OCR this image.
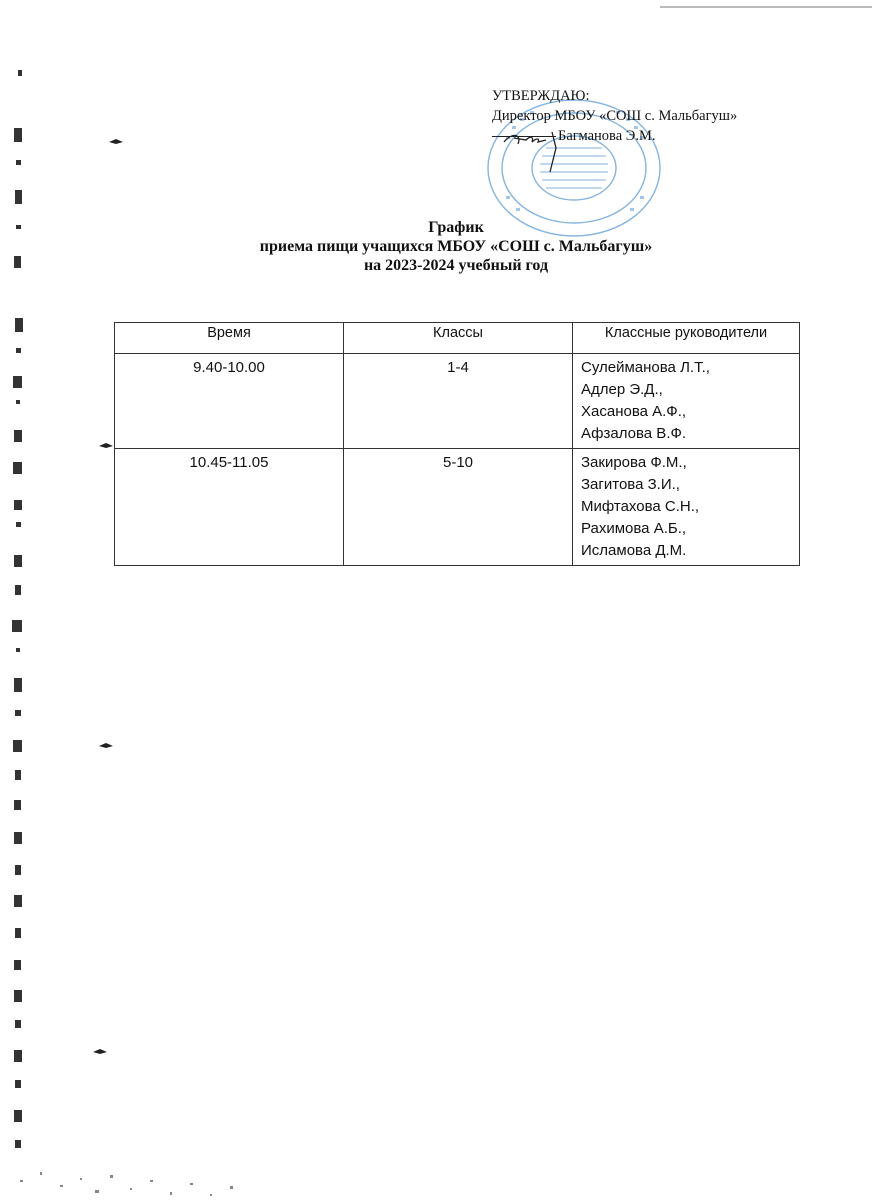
УТВЕРЖДАЮ:
Директор МБОУ «СОШ с. Мальбагуш»
Багманова Э.М.
График
приема пищи учащихся МБОУ «СОШ с. Мальбагуш»
на 2023-2024 учебный год
Время	Классы	Классные руководители
9.40-10.00	1-4	Сулейманова Л.Т.,
Адлер Э.Д.,
Хасанова А.Ф.,
Афзалова В.Ф.

10.45-11.05	5-10	Закирова Ф.М.,
Загитова З.И.,
Мифтахова С.Н.,
Рахимова А.Б.,
Исламова Д.М.
